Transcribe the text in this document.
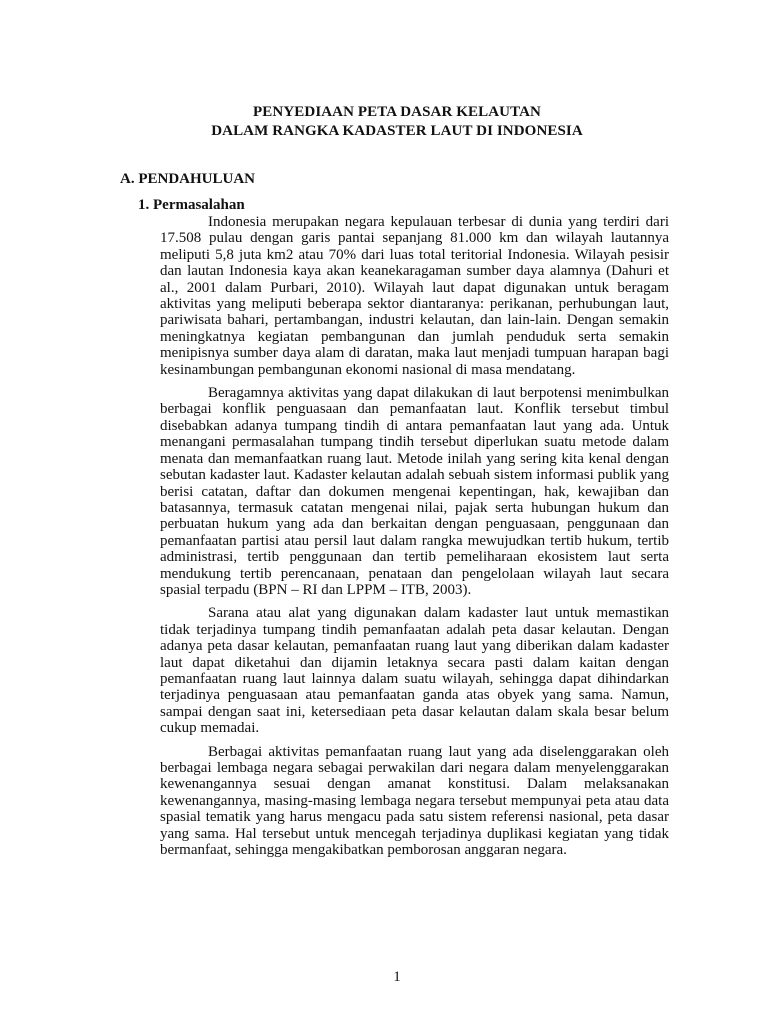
PENYEDIAAN PETA DASAR KELAUTAN
DALAM RANGKA KADASTER LAUT DI INDONESIA
A. PENDAHULUAN
1. Permasalahan

Indonesia merupakan negara kepulauan terbesar di dunia yang terdiri dari 17.508 pulau dengan garis pantai sepanjang 81.000 km dan wilayah lautannya meliputi 5,8 juta km2 atau 70% dari luas total teritorial Indonesia. Wilayah pesisir dan lautan Indonesia kaya akan keanekaragaman sumber daya alamnya (Dahuri et al., 2001 dalam Purbari, 2010). Wilayah laut dapat digunakan untuk beragam aktivitas yang meliputi beberapa sektor diantaranya: perikanan, perhubungan laut, pariwisata bahari, pertambangan, industri kelautan, dan lain-lain. Dengan semakin meningkatnya kegiatan pembangunan dan jumlah penduduk serta semakin menipisnya sumber daya alam di daratan, maka laut menjadi tumpuan harapan bagi kesinambungan pembangunan ekonomi nasional di masa mendatang.

Beragamnya aktivitas yang dapat dilakukan di laut berpotensi menimbulkan berbagai konflik penguasaan dan pemanfaatan laut. Konflik tersebut timbul disebabkan adanya tumpang tindih di antara pemanfaatan laut yang ada. Untuk menangani permasalahan tumpang tindih tersebut diperlukan suatu metode dalam menata dan memanfaatkan ruang laut. Metode inilah yang sering kita kenal dengan sebutan kadaster laut. Kadaster kelautan adalah sebuah sistem informasi publik yang berisi catatan, daftar dan dokumen mengenai kepentingan, hak, kewajiban dan batasannya, termasuk catatan mengenai nilai, pajak serta hubungan hukum dan perbuatan hukum yang ada dan berkaitan dengan penguasaan, penggunaan dan pemanfaatan partisi atau persil laut dalam rangka mewujudkan tertib hukum, tertib administrasi, tertib penggunaan dan tertib pemeliharaan ekosistem laut serta mendukung tertib perencanaan, penataan dan pengelolaan wilayah laut secara spasial terpadu (BPN – RI dan LPPM – ITB, 2003).

Sarana atau alat yang digunakan dalam kadaster laut untuk memastikan tidak terjadinya tumpang tindih pemanfaatan adalah peta dasar kelautan. Dengan adanya peta dasar kelautan, pemanfaatan ruang laut yang diberikan dalam kadaster laut dapat diketahui dan dijamin letaknya secara pasti dalam kaitan dengan pemanfaatan ruang laut lainnya dalam suatu wilayah, sehingga dapat dihindarkan terjadinya penguasaan atau pemanfaatan ganda atas obyek yang sama. Namun, sampai dengan saat ini, ketersediaan peta dasar kelautan dalam skala besar belum cukup memadai.

Berbagai aktivitas pemanfaatan ruang laut yang ada diselenggarakan oleh berbagai lembaga negara sebagai perwakilan dari negara dalam menyelenggarakan kewenangannya sesuai dengan amanat konstitusi. Dalam melaksanakan kewenangannya, masing-masing lembaga negara tersebut mempunyai peta atau data spasial tematik yang harus mengacu pada satu sistem referensi nasional, peta dasar yang sama. Hal tersebut untuk mencegah terjadinya duplikasi kegiatan yang tidak bermanfaat, sehingga mengakibatkan pemborosan anggaran negara.

1
